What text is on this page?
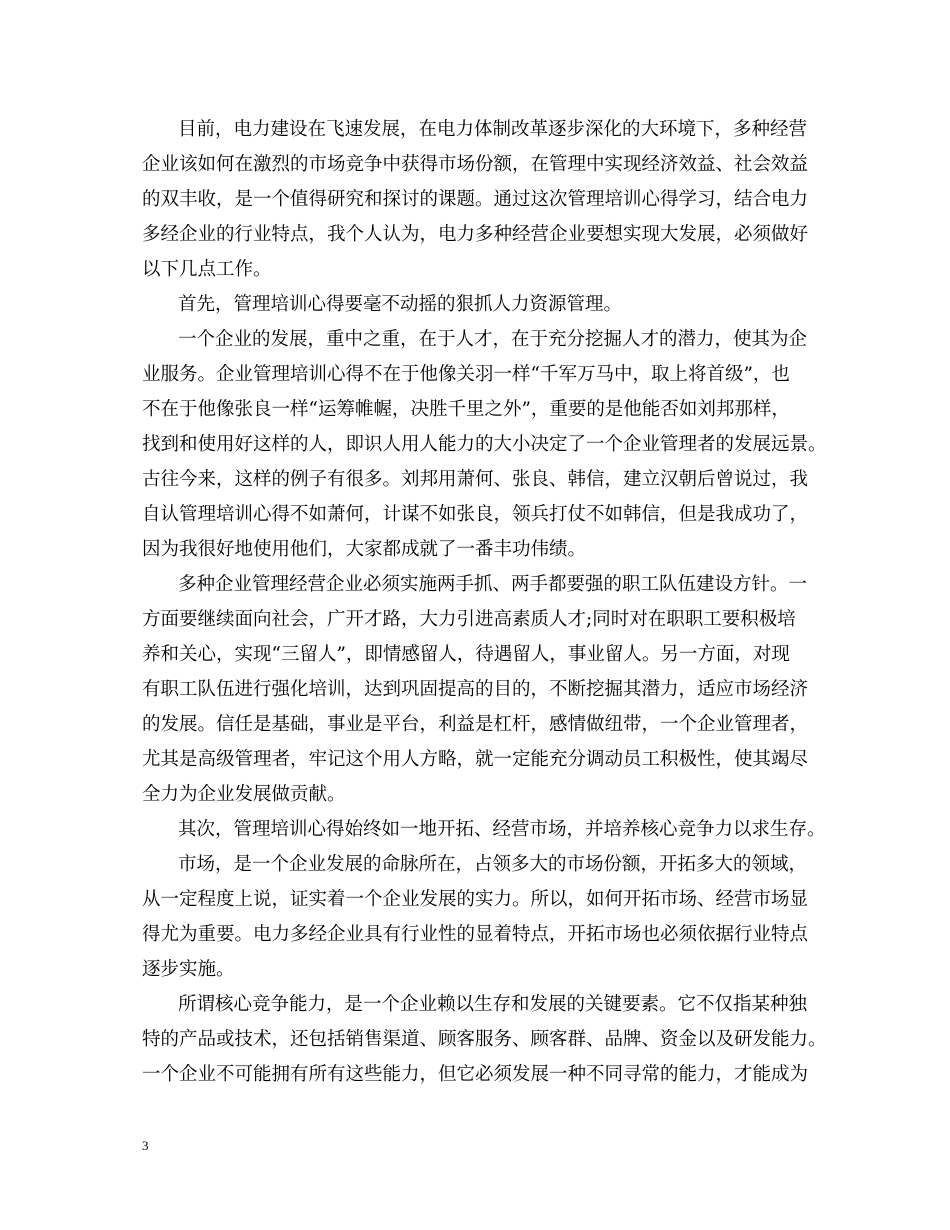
目前，电力建设在飞速发展，在电力体制改革逐步深化的大环境下，多种经营
企业该如何在激烈的市场竞争中获得市场份额，在管理中实现经济效益、社会效益
的双丰收，是一个值得研究和探讨的课题。通过这次管理培训心得学习，结合电力
多经企业的行业特点，我个人认为，电力多种经营企业要想实现大发展，必须做好
以下几点工作。
首先，管理培训心得要毫不动摇的狠抓人力资源管理。
一个企业的发展，重中之重，在于人才，在于充分挖掘人才的潜力，使其为企
业服务。企业管理培训心得不在于他像关羽一样“千军万马中，取上将首级”，也
不在于他像张良一样“运筹帷幄，决胜千里之外”，重要的是他能否如刘邦那样，
找到和使用好这样的人，即识人用人能力的大小决定了一个企业管理者的发展远景。
古往今来，这样的例子有很多。刘邦用萧何、张良、韩信，建立汉朝后曾说过，我
自认管理培训心得不如萧何，计谋不如张良，领兵打仗不如韩信，但是我成功了，
因为我很好地使用他们，大家都成就了一番丰功伟绩。
多种企业管理经营企业必须实施两手抓、两手都要强的职工队伍建设方针。一
方面要继续面向社会，广开才路，大力引进高素质人才;同时对在职职工要积极培
养和关心，实现“三留人”，即情感留人，待遇留人，事业留人。另一方面，对现
有职工队伍进行强化培训，达到巩固提高的目的，不断挖掘其潜力，适应市场经济
的发展。信任是基础，事业是平台，利益是杠杆，感情做纽带，一个企业管理者，
尤其是高级管理者，牢记这个用人方略，就一定能充分调动员工积极性，使其竭尽
全力为企业发展做贡献。
其次，管理培训心得始终如一地开拓、经营市场，并培养核心竞争力以求生存。
市场，是一个企业发展的命脉所在，占领多大的市场份额，开拓多大的领域，
从一定程度上说，证实着一个企业发展的实力。所以，如何开拓市场、经营市场显
得尤为重要。电力多经企业具有行业性的显着特点，开拓市场也必须依据行业特点
逐步实施。
所谓核心竞争能力，是一个企业赖以生存和发展的关键要素。它不仅指某种独
特的产品或技术，还包括销售渠道、顾客服务、顾客群、品牌、资金以及研发能力。
一个企业不可能拥有所有这些能力，但它必须发展一种不同寻常的能力，才能成为
3
